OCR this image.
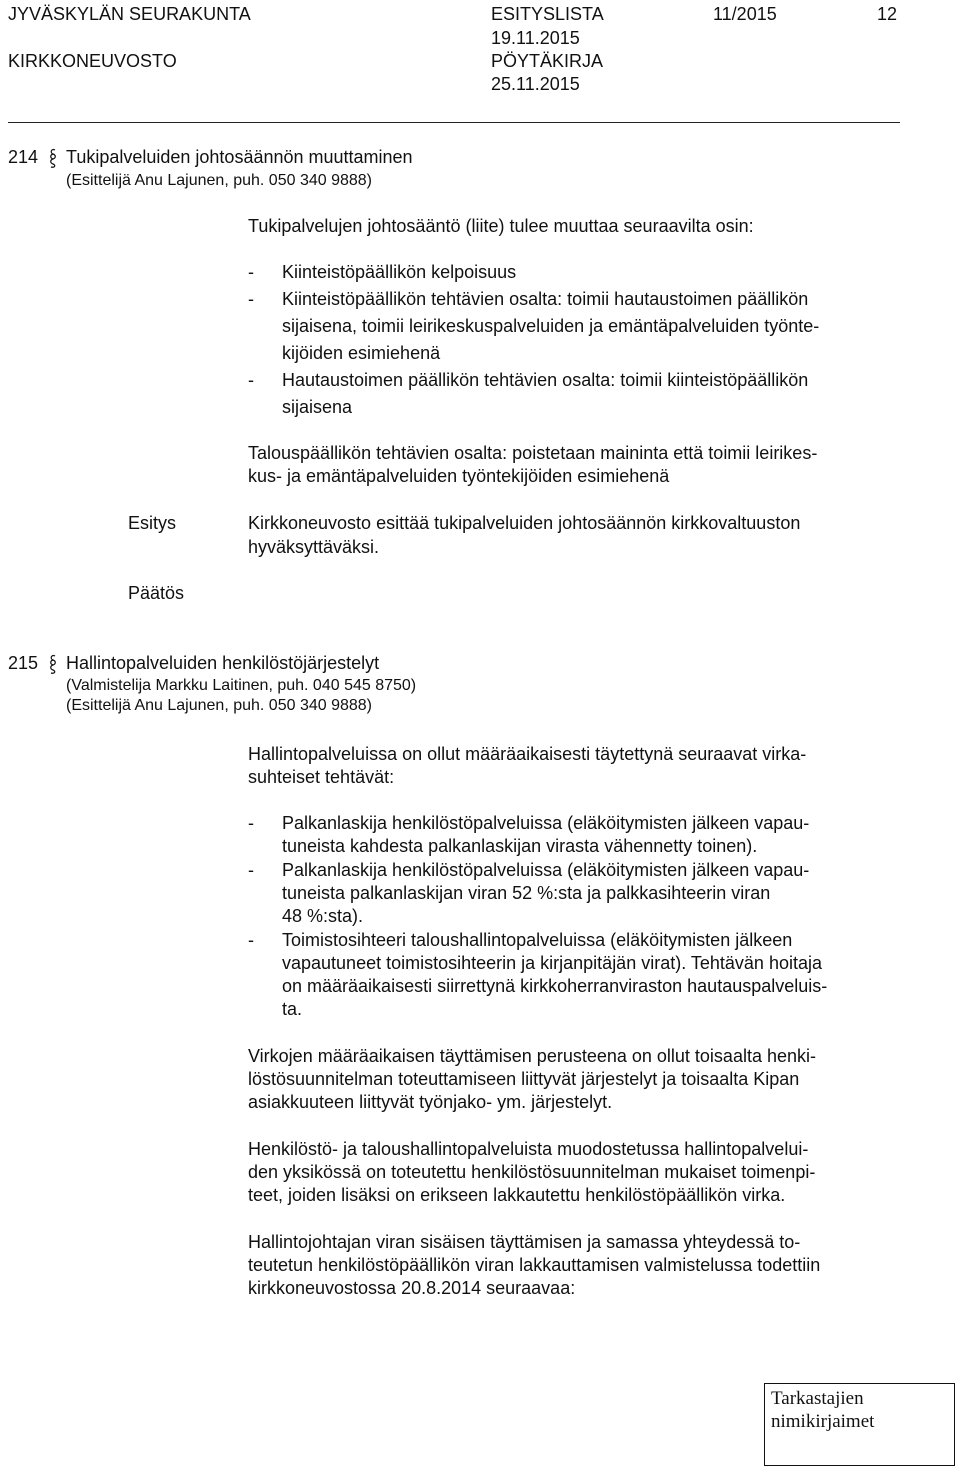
JYVÄSKYLÄN SEURAKUNTA	ESITYSLISTA	11/2015	12
19.11.2015
KIRKKONEUVOSTO	PÖYTÄKIRJA
25.11.2015
214 Tukipalveluiden johtosäännön muuttaminen
(Esittelijä Anu Lajunen, puh. 050 340 9888)
Tukipalvelujen johtosääntö (liite) tulee muuttaa seuraavilta osin:
- Kiinteistöpäällikön kelpoisuus
- Kiinteistöpäällikön tehtävien osalta: toimii hautaustoimen päällikön
sijaisena, toimii leirikeskuspalveluiden ja emäntäpalveluiden työnte-
kijöiden esimiehenä
- Hautaustoimen päällikön tehtävien osalta: toimii kiinteistöpäällikön
sijaisena
Talouspäällikön tehtävien osalta: poistetaan maininta että toimii leirikes-
kus- ja emäntäpalveluiden työntekijöiden esimiehenä
Esitys	Kirkkoneuvosto esittää tukipalveluiden johtosäännön kirkkovaltuuston
hyväksyttäväksi.
Päätös
215 Hallintopalveluiden henkilöstöjärjestelyt
(Valmistelija Markku Laitinen, puh. 040 545 8750)
(Esittelijä Anu Lajunen, puh. 050 340 9888)
Hallintopalveluissa on ollut määräaikaisesti täytettynä seuraavat virka-
suhteiset tehtävät:
- Palkanlaskija henkilöstöpalveluissa (eläköitymisten jälkeen vapau-
tuneista kahdesta palkanlaskijan virasta vähennetty toinen).
- Palkanlaskija henkilöstöpalveluissa (eläköitymisten jälkeen vapau-
tuneista palkanlaskijan viran 52 %:sta ja palkkasihteerin viran
48 %:sta).
- Toimistosihteeri taloushallintopalveluissa (eläköitymisten jälkeen
vapautuneet toimistosihteerin ja kirjanpitäjän virat). Tehtävän hoitaja
on määräaikaisesti siirrettynä kirkkoherranviraston hautauspalveluis-
ta.
Virkojen määräaikaisen täyttämisen perusteena on ollut toisaalta henki-
löstösuunnitelman toteuttamiseen liittyvät järjestelyt ja toisaalta Kipan
asiakkuuteen liittyvät työnjako- ym. järjestelyt.
Henkilöstö- ja taloushallintopalveluista muodostetussa hallintopalvelui-
den yksikössä on toteutettu henkilöstösuunnitelman mukaiset toimenpi-
teet, joiden lisäksi on erikseen lakkautettu henkilöstöpäällikön virka.
Hallintojohtajan viran sisäisen täyttämisen ja samassa yhteydessä to-
teutetun henkilöstöpäällikön viran lakkauttamisen valmistelussa todettiin
kirkkoneuvostossa 20.8.2014 seuraavaa:
Tarkastajien
nimikirjaimet
